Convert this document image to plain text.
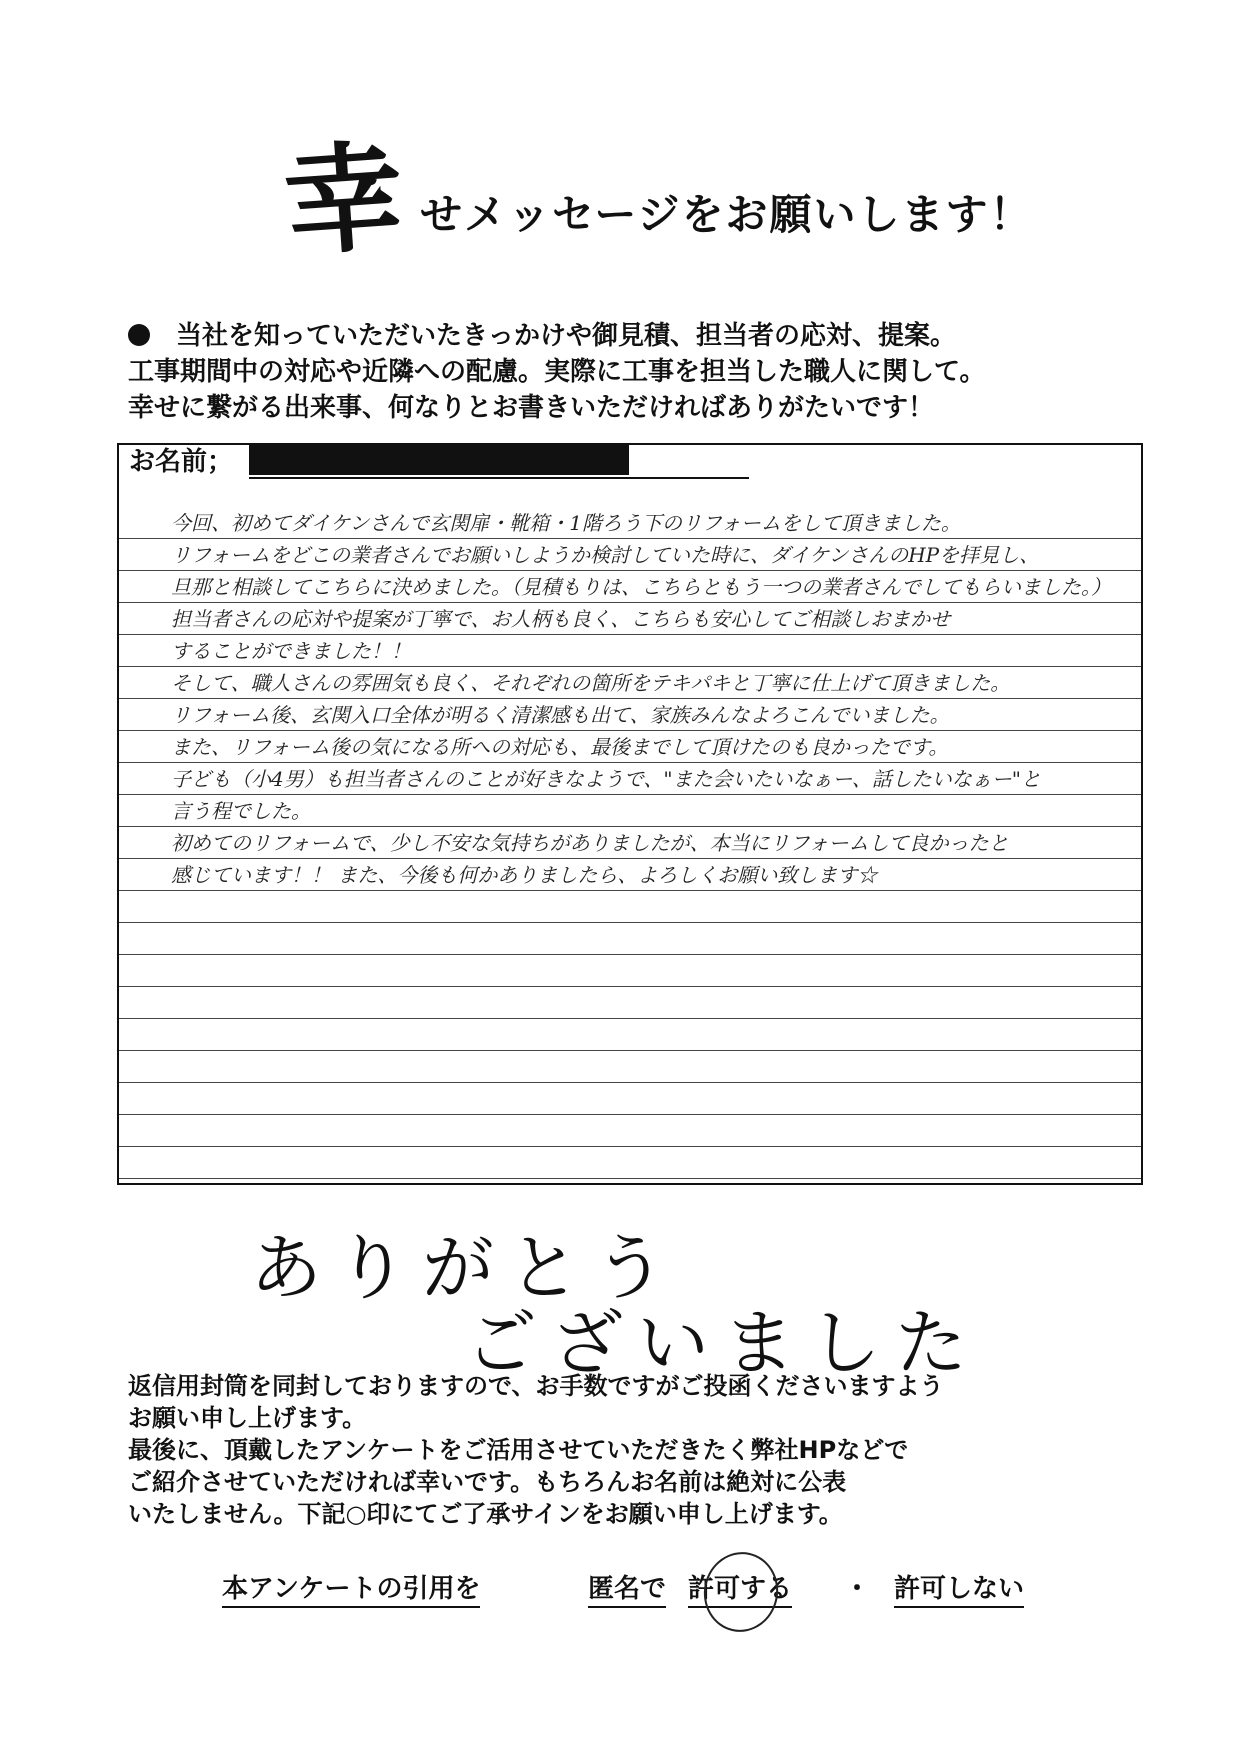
幸 せメッセージをお願いします！
当社を知っていただいたきっかけや御見積、担当者の応対、提案。
工事期間中の対応や近隣への配慮。実際に工事を担当した職人に関して。
幸せに繋がる出来事、何なりとお書きいただければありがたいです！
お名前；
今回、初めてダイケンさんで玄関扉・靴箱・1階ろう下のリフォームをして頂きました。
リフォームをどこの業者さんでお願いしようか検討していた時に、ダイケンさんのHPを拝見し、
旦那と相談してこちらに決めました。（見積もりは、こちらともう一つの業者さんでしてもらいました。）
担当者さんの応対や提案が丁寧で、お人柄も良く、こちらも安心してご相談しおまかせ
することができました！！
そして、職人さんの雰囲気も良く、それぞれの箇所をテキパキと丁寧に仕上げて頂きました。
リフォーム後、玄関入口全体が明るく清潔感も出て、家族みんなよろこんでいました。
また、リフォーム後の気になる所への対応も、最後までして頂けたのも良かったです。
子ども（小4男）も担当者さんのことが好きなようで、"また会いたいなぁー、話したいなぁー"と
言う程でした。
初めてのリフォームで、少し不安な気持ちがありましたが、本当にリフォームして良かったと
感じています！！ また、今後も何かありましたら、よろしくお願い致します☆
ありがとう
ございました
返信用封筒を同封しておりますので、お手数ですがご投函くださいますよう
お願い申し上げます。
最後に、頂戴したアンケートをご活用させていただきたく弊社HPなどで
ご紹介させていただければ幸いです。もちろんお名前は絶対に公表
いたしません。下記○印にてご了承サインをお願い申し上げます。
本アンケートの引用を	匿名で 許可する ・ 許可しない
